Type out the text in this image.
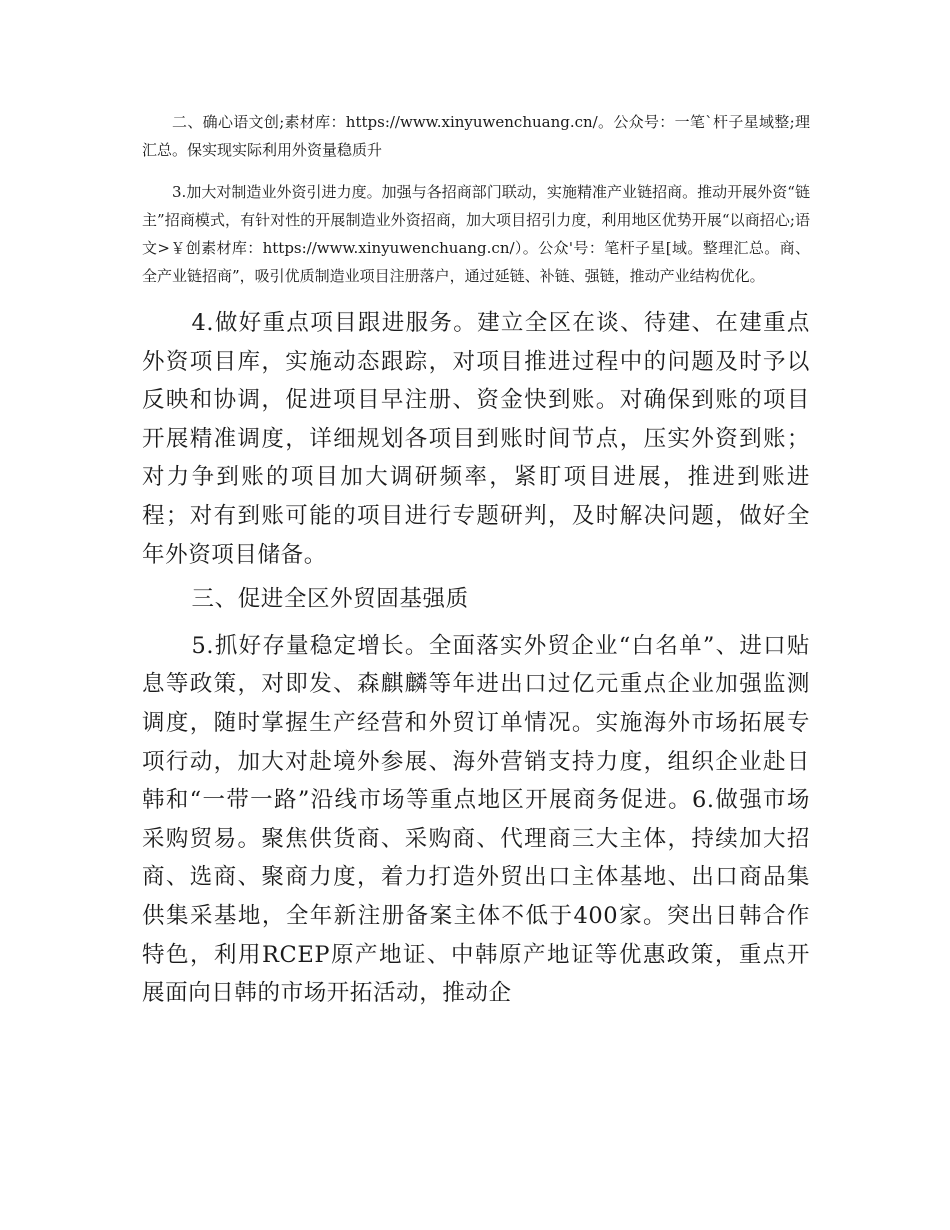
二、确心语文创;素材库：https://www.xinyuwenchuang.cn/。公众号：一笔`杆子星域整;理汇总。保实现实际利用外资量稳质升

3.加大对制造业外资引进力度。加强与各招商部门联动，实施精准产业链招商。推动开展外资“链主”招商模式，有针对性的开展制造业外资招商，加大项目招引力度，利用地区优势开展“以商招心;语文>￥创素材库：https://www.xinyuwenchuang.cn/）。公众'号：笔杆子星[域。整理汇总。商、全产业链招商”，吸引优质制造业项目注册落户，通过延链、补链、强链，推动产业结构优化。

4.做好重点项目跟进服务。建立全区在谈、待建、在建重点外资项目库，实施动态跟踪，对项目推进过程中的问题及时予以反映和协调，促进项目早注册、资金快到账。对确保到账的项目开展精准调度，详细规划各项目到账时间节点，压实外资到账；对力争到账的项目加大调研频率，紧盯项目进展，推进到账进程；对有到账可能的项目进行专题研判，及时解决问题，做好全年外资项目储备。

三、促进全区外贸固基强质

5.抓好存量稳定增长。全面落实外贸企业“白名单”、进口贴息等政策，对即发、森麒麟等年进出口过亿元重点企业加强监测调度，随时掌握生产经营和外贸订单情况。实施海外市场拓展专项行动，加大对赴境外参展、海外营销支持力度，组织企业赴日韩和“一带一路”沿线市场等重点地区开展商务促进。6.做强市场采购贸易。聚焦供货商、采购商、代理商三大主体，持续加大招商、选商、聚商力度，着力打造外贸出口主体基地、出口商品集供集采基地，全年新注册备案主体不低于400家。突出日韩合作特色，利用RCEP原产地证、中韩原产地证等优惠政策，重点开展面向日韩的市场开拓活动，推动企
